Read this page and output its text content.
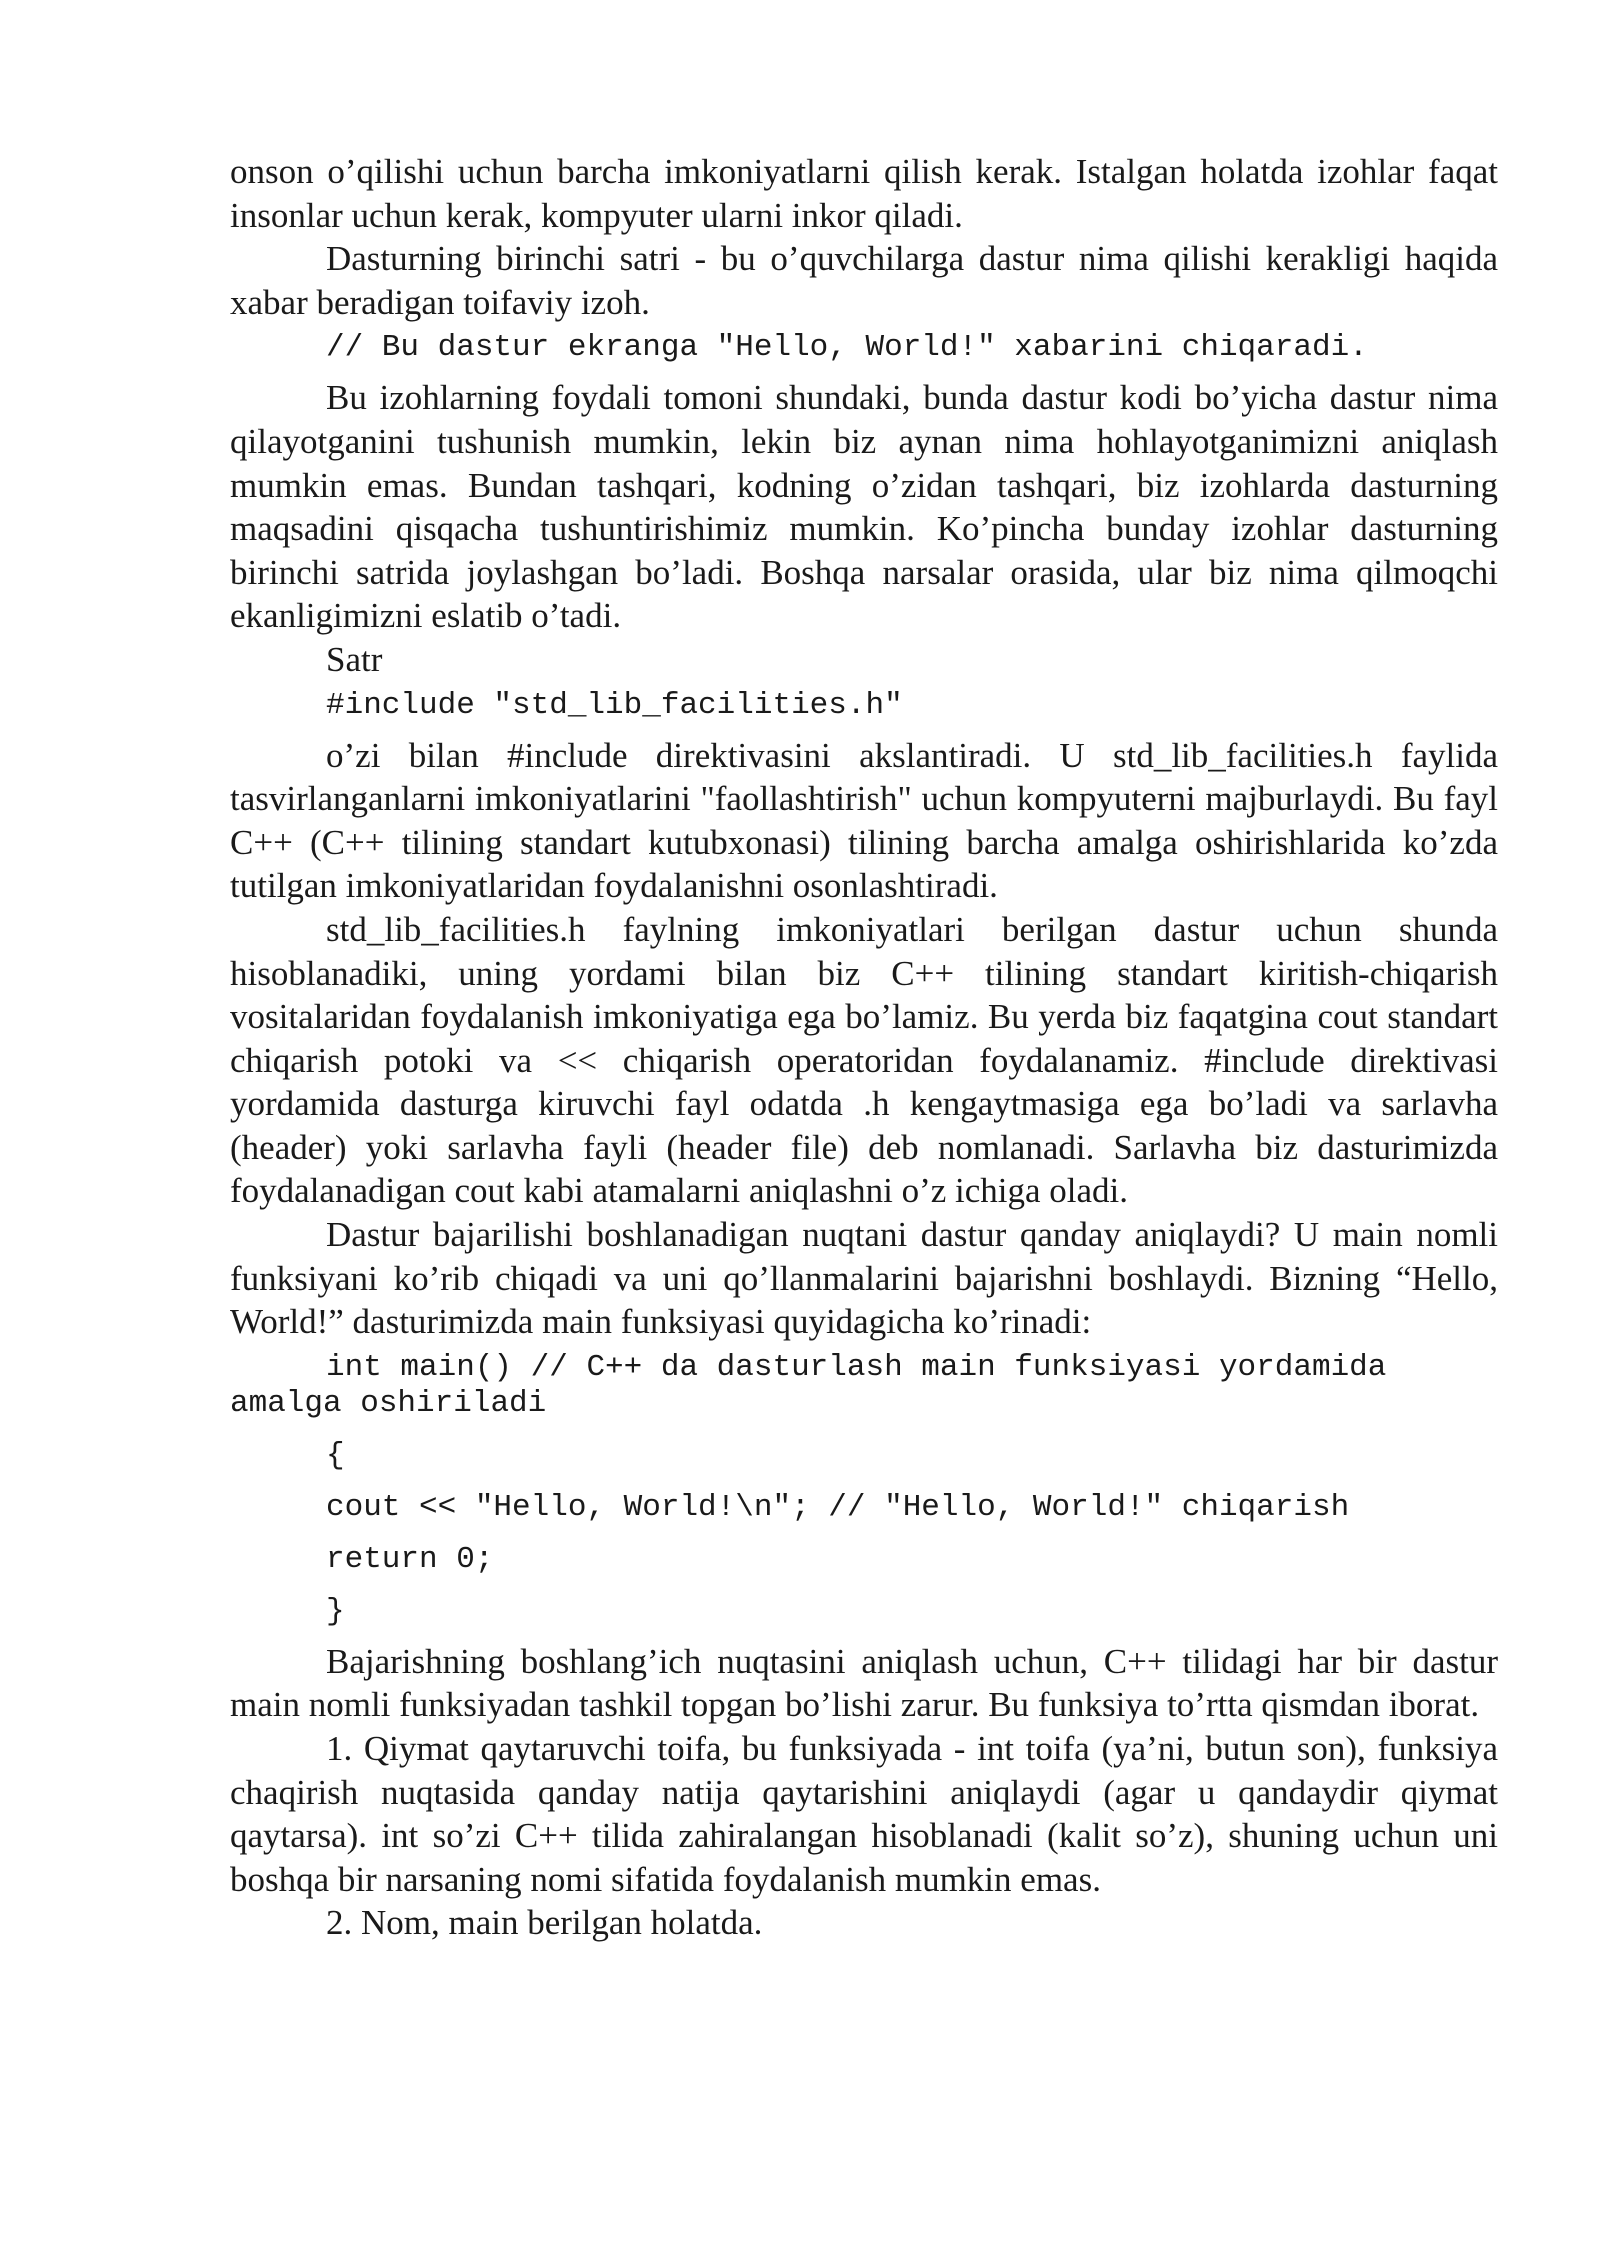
onson o’qilishi uchun barcha imkoniyatlarni qilish kerak. Istalgan holatda izohlar faqat insonlar uchun kerak, kompyuter ularni inkor qiladi.

Dasturning birinchi satri - bu o’quvchilarga dastur nima qilishi kerakligi haqida xabar beradigan toifaviy izoh.

// Bu dastur ekranga "Hello, World!" xabarini chiqaradi.

Bu izohlarning foydali tomoni shundaki, bunda dastur kodi bo’yicha dastur nima qilayotganini tushunish mumkin, lekin biz aynan nima hohlayotganimizni aniqlash mumkin emas. Bundan tashqari, kodning o’zidan tashqari, biz izohlarda dasturning maqsadini qisqacha tushuntirishimiz mumkin. Ko’pincha bunday izohlar dasturning birinchi satrida joylashgan bo’ladi. Boshqa narsalar orasida, ular biz nima qilmoqchi ekanligimizni eslatib o’tadi.

Satr

#include "std_lib_facilities.h"

o’zi bilan #include direktivasini akslantiradi. U std_lib_facilities.h faylida tasvirlanganlarni imkoniyatlarini "faollashtirish" uchun kompyuterni majburlaydi. Bu fayl C++ (C++ tilining standart kutubxonasi) tilining barcha amalga oshirishlarida ko’zda tutilgan imkoniyatlaridan foydalanishni osonlashtiradi.

std_lib_facilities.h faylning imkoniyatlari berilgan dastur uchun shunda hisoblanadiki, uning yordami bilan biz C++ tilining standart kiritish-chiqarish vositalaridan foydalanish imkoniyatiga ega bo’lamiz. Bu yerda biz faqatgina cout standart chiqarish potoki va << chiqarish operatoridan foydalanamiz. #include direktivasi yordamida dasturga kiruvchi fayl odatda .h kengaytmasiga ega bo’ladi va sarlavha (header) yoki sarlavha fayli (header file) deb nomlanadi. Sarlavha biz dasturimizda foydalanadigan cout kabi atamalarni aniqlashni o’z ichiga oladi.

Dastur bajarilishi boshlanadigan nuqtani dastur qanday aniqlaydi? U main nomli funksiyani ko’rib chiqadi va uni qo’llanmalarini bajarishni boshlaydi. Bizning “Hello, World!” dasturimizda main funksiyasi quyidagicha ko’rinadi:

int main() // C++ da dasturlash main funksiyasi yordamida amalga oshiriladi
{
cout << "Hello, World!\n"; // "Hello, World!" chiqarish
return 0;
}

Bajarishning boshlang’ich nuqtasini aniqlash uchun, C++ tilidagi har bir dastur main nomli funksiyadan tashkil topgan bo’lishi zarur. Bu funksiya to’rtta qismdan iborat.

1. Qiymat qaytaruvchi toifa, bu funksiyada - int toifa (ya’ni, butun son), funksiya chaqirish nuqtasida qanday natija qaytarishini aniqlaydi (agar u qandaydir qiymat qaytarsa). int so’zi C++ tilida zahiralangan hisoblanadi (kalit so’z), shuning uchun uni boshqa bir narsaning nomi sifatida foydalanish mumkin emas.

2. Nom, main berilgan holatda.
